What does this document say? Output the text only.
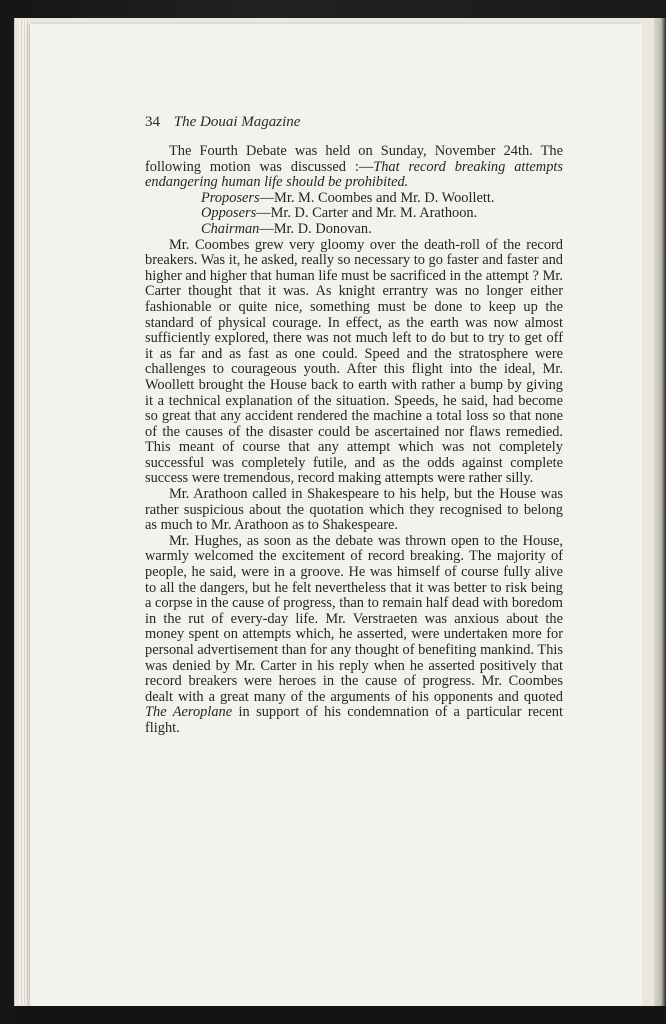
34 The Douai Magazine

The Fourth Debate was held on Sunday, November 24th. The following motion was discussed :—That record breaking attempts endangering human life should be prohibited.

Proposers—Mr. M. Coombes and Mr. D. Woollett.

Opposers—Mr. D. Carter and Mr. M. Arathoon.

Chairman—Mr. D. Donovan.

Mr. Coombes grew very gloomy over the death-roll of the record breakers. Was it, he asked, really so necessary to go faster and faster and higher and higher that human life must be sacrificed in the attempt ? Mr. Carter thought that it was. As knight errantry was no longer either fashionable or quite nice, something must be done to keep up the standard of physical courage. In effect, as the earth was now almost sufficiently explored, there was not much left to do but to try to get off it as far and as fast as one could. Speed and the stratosphere were challenges to courageous youth. After this flight into the ideal, Mr. Woollett brought the House back to earth with rather a bump by giving it a technical explanation of the situation. Speeds, he said, had become so great that any accident rendered the machine a total loss so that none of the causes of the disaster could be ascertained nor flaws remedied. This meant of course that any attempt which was not completely successful was completely futile, and as the odds against complete success were tremendous, record making attempts were rather silly.

Mr. Arathoon called in Shakespeare to his help, but the House was rather suspicious about the quotation which they recognised to belong as much to Mr. Arathoon as to Shakespeare.

Mr. Hughes, as soon as the debate was thrown open to the House, warmly welcomed the excitement of record breaking. The majority of people, he said, were in a groove. He was himself of course fully alive to all the dangers, but he felt nevertheless that it was better to risk being a corpse in the cause of progress, than to remain half dead with boredom in the rut of every-day life. Mr. Verstraeten was anxious about the money spent on attempts which, he asserted, were undertaken more for personal advertisement than for any thought of benefiting mankind. This was denied by Mr. Carter in his reply when he asserted positively that record breakers were heroes in the cause of progress. Mr. Coombes dealt with a great many of the arguments of his opponents and quoted The Aeroplane in support of his condemnation of a particular recent flight.
